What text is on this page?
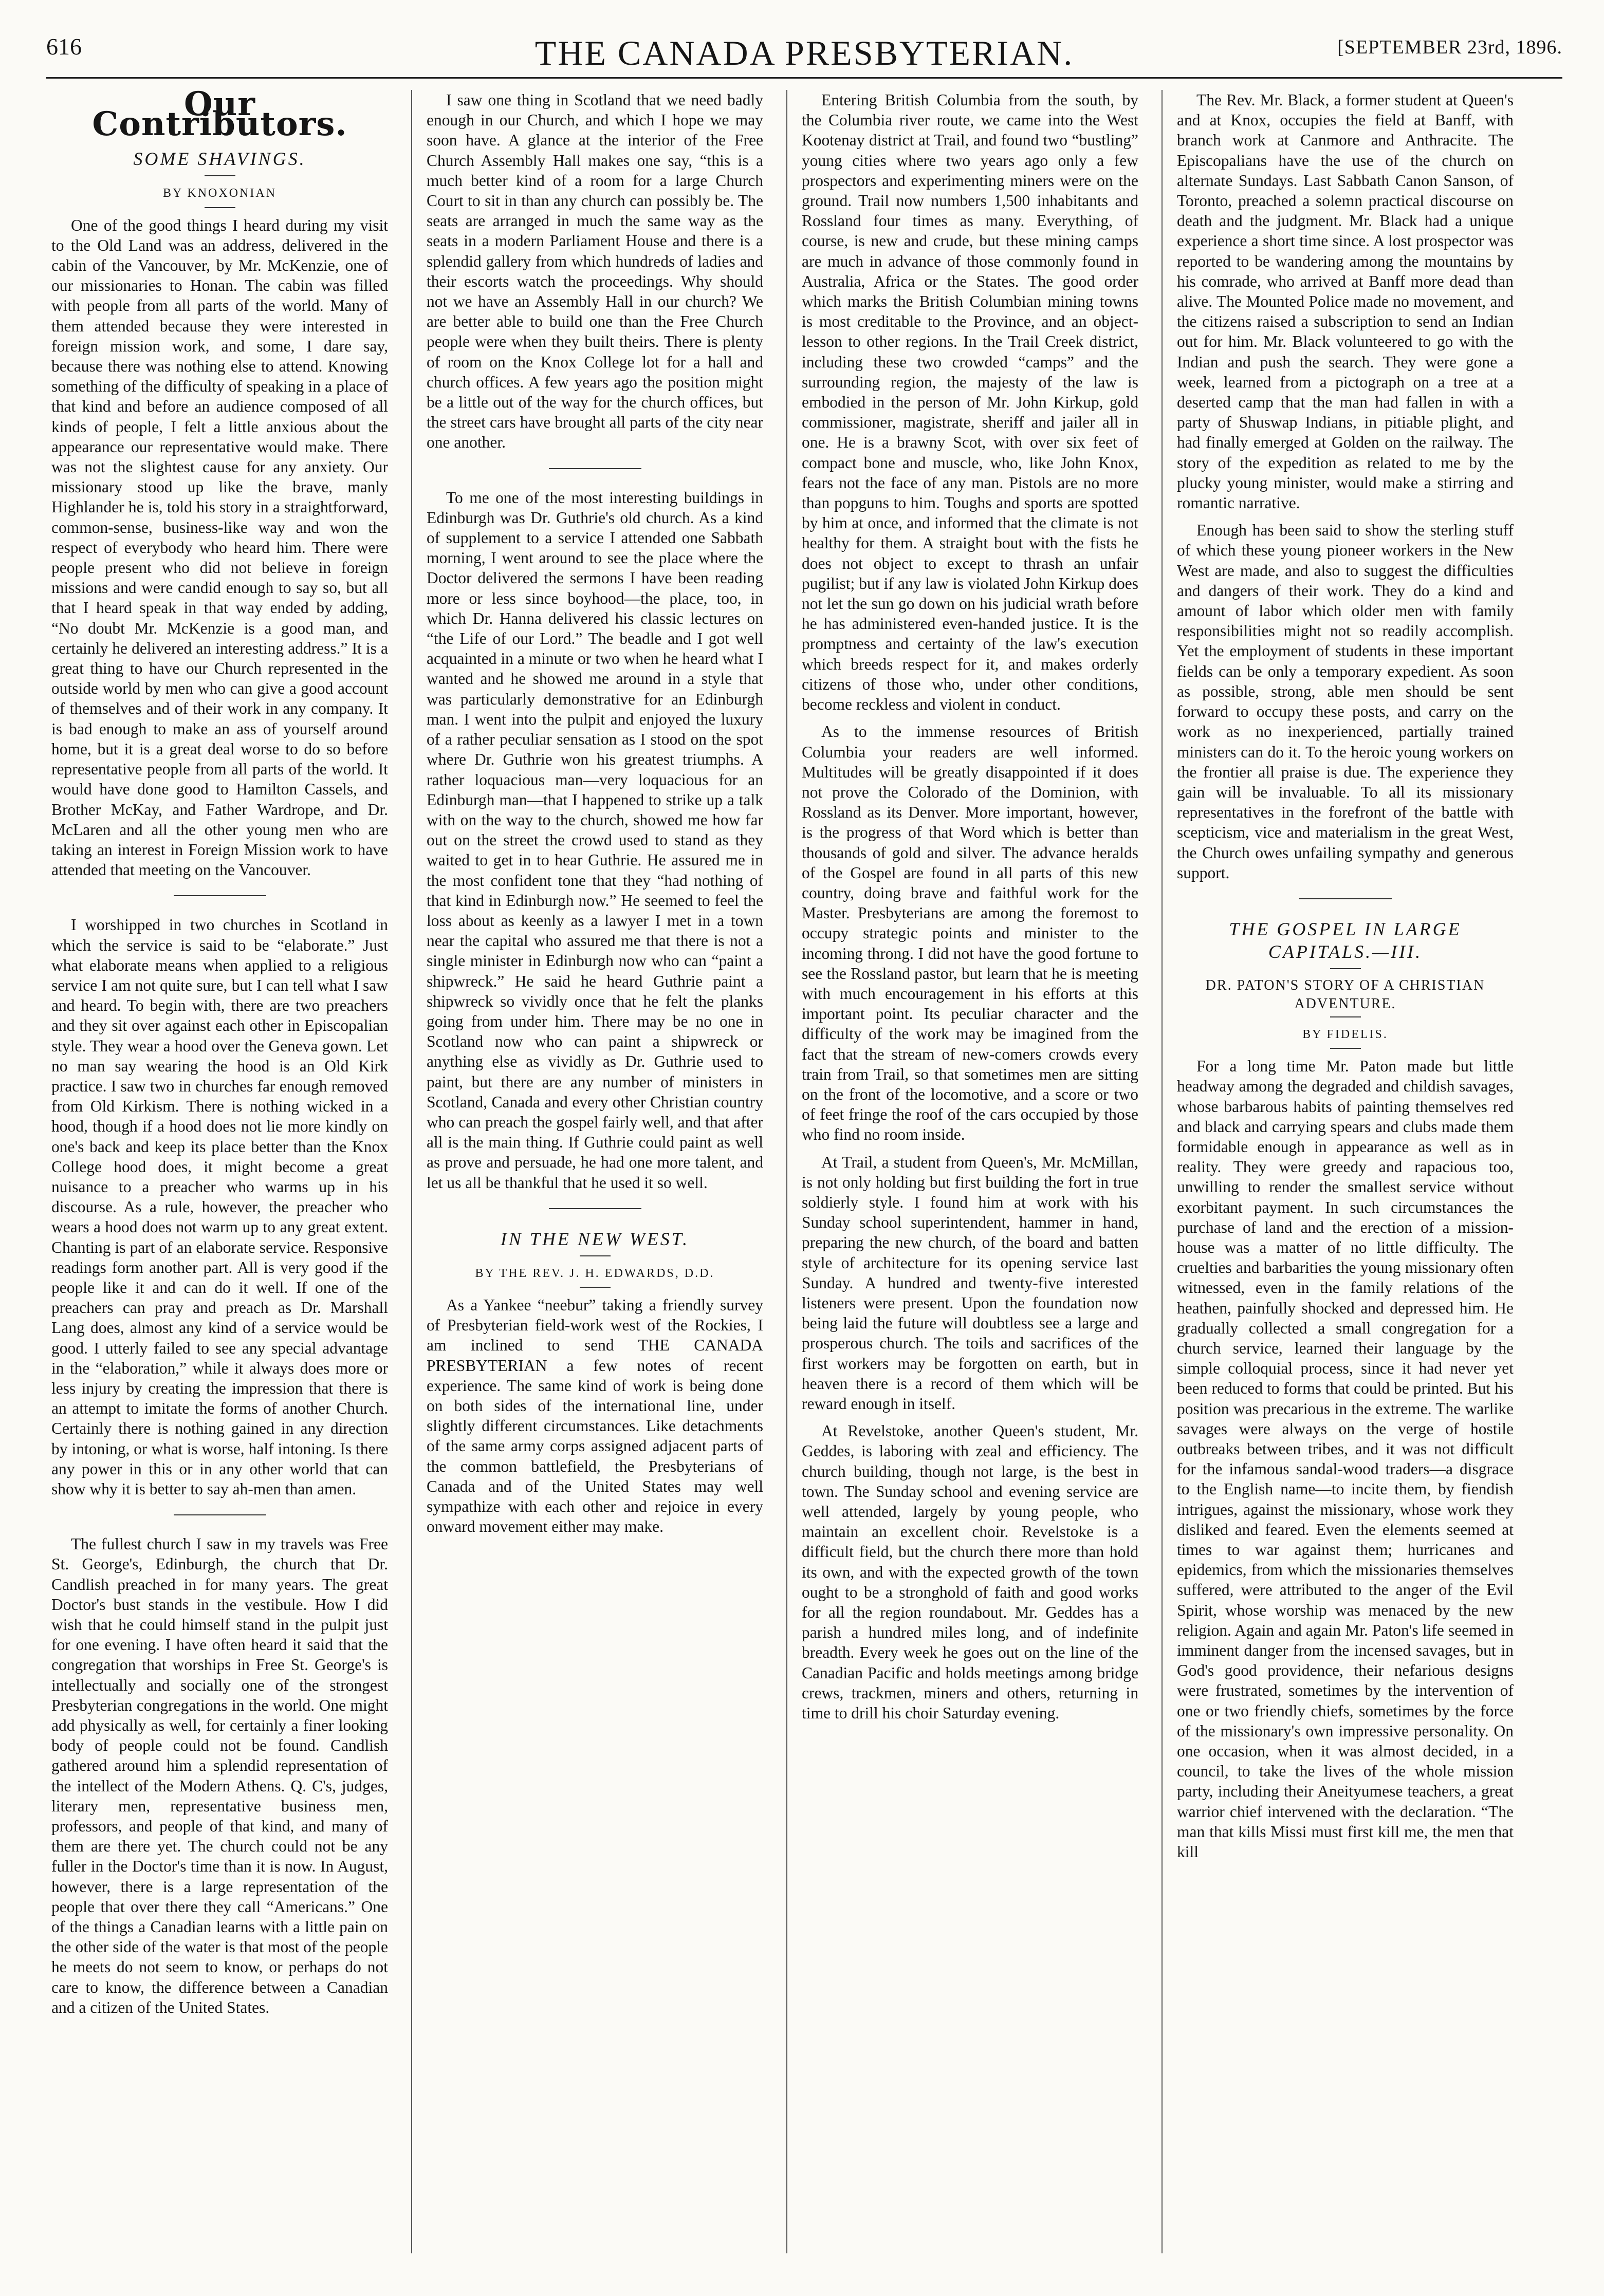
616	THE CANADA PRESBYTERIAN.	[SEPTEMBER 23rd, 1896.
Our Contributors.
SOME SHAVINGS.
BY KNOXONIAN

One of the good things I heard during my visit to the Old Land was an address, delivered in the cabin of the Vancouver, by Mr. McKenzie, one of our missionaries to Honan. The cabin was filled with people from all parts of the world. Many of them attended because they were interested in foreign mission work, and some, I dare say, because there was nothing else to attend. Knowing something of the difficulty of speaking in a place of that kind and before an audience composed of all kinds of people, I felt a little anxious about the appearance our representative would make. There was not the slightest cause for any anxiety. Our missionary stood up like the brave, manly Highlander he is, told his story in a straightforward, common-sense, business-like way and won the respect of everybody who heard him. There were people present who did not believe in foreign missions and were candid enough to say so, but all that I heard speak in that way ended by adding, “No doubt Mr. McKenzie is a good man, and certainly he delivered an interesting address.” It is a great thing to have our Church represented in the outside world by men who can give a good account of themselves and of their work in any company. It is bad enough to make an ass of yourself around home, but it is a great deal worse to do so before representative people from all parts of the world. It would have done good to Hamilton Cassels, and Brother McKay, and Father Wardrope, and Dr. McLaren and all the other young men who are taking an interest in Foreign Mission work to have attended that meeting on the Vancouver.

I worshipped in two churches in Scotland in which the service is said to be “elaborate.” Just what elaborate means when applied to a religious service I am not quite sure, but I can tell what I saw and heard. To begin with, there are two preachers and they sit over against each other in Episcopalian style. They wear a hood over the Geneva gown. Let no man say wearing the hood is an Old Kirk practice. I saw two in churches far enough removed from Old Kirkism. There is nothing wicked in a hood, though if a hood does not lie more kindly on one's back and keep its place better than the Knox College hood does, it might become a great nuisance to a preacher who warms up in his discourse. As a rule, however, the preacher who wears a hood does not warm up to any great extent. Chanting is part of an elaborate service. Responsive readings form another part. All is very good if the people like it and can do it well. If one of the preachers can pray and preach as Dr. Marshall Lang does, almost any kind of a service would be good. I utterly failed to see any special advantage in the “elaboration,” while it always does more or less injury by creating the impression that there is an attempt to imitate the forms of another Church. Certainly there is nothing gained in any direction by intoning, or what is worse, half intoning. Is there any power in this or in any other world that can show why it is better to say ah-men than amen.

The fullest church I saw in my travels was Free St. George's, Edinburgh, the church that Dr. Candlish preached in for many years. The great Doctor's bust stands in the vestibule. How I did wish that he could himself stand in the pulpit just for one evening. I have often heard it said that the congregation that worships in Free St. George's is intellectually and socially one of the strongest Presbyterian congregations in the world. One might add physically as well, for certainly a finer looking body of people could not be found. Candlish gathered around him a splendid representation of the intellect of the Modern Athens. Q. C's, judges, literary men, representative business men, professors, and people of that kind, and many of them are there yet. The church could not be any fuller in the Doctor's time than it is now. In August, however, there is a large representation of the people that over there they call “Americans.” One of the things a Canadian learns with a little pain on the other side of the water is that most of the people he meets do not seem to know, or perhaps do not care to know, the difference between a Canadian and a citizen of the United States.

I saw one thing in Scotland that we need badly enough in our Church, and which I hope we may soon have. A glance at the interior of the Free Church Assembly Hall makes one say, “this is a much better kind of a room for a large Church Court to sit in than any church can possibly be. The seats are arranged in much the same way as the seats in a modern Parliament House and there is a splendid gallery from which hundreds of ladies and their escorts watch the proceedings. Why should not we have an Assembly Hall in our church? We are better able to build one than the Free Church people were when they built theirs. There is plenty of room on the Knox College lot for a hall and church offices. A few years ago the position might be a little out of the way for the church offices, but the street cars have brought all parts of the city near one another.

To me one of the most interesting buildings in Edinburgh was Dr. Guthrie's old church. As a kind of supplement to a service I attended one Sabbath morning, I went around to see the place where the Doctor delivered the sermons I have been reading more or less since boyhood—the place, too, in which Dr. Hanna delivered his classic lectures on “the Life of our Lord.” The beadle and I got well acquainted in a minute or two when he heard what I wanted and he showed me around in a style that was particularly demonstrative for an Edinburgh man. I went into the pulpit and enjoyed the luxury of a rather peculiar sensation as I stood on the spot where Dr. Guthrie won his greatest triumphs. A rather loquacious man—very loquacious for an Edinburgh man—that I happened to strike up a talk with on the way to the church, showed me how far out on the street the crowd used to stand as they waited to get in to hear Guthrie. He assured me in the most confident tone that they “had nothing of that kind in Edinburgh now.” He seemed to feel the loss about as keenly as a lawyer I met in a town near the capital who assured me that there is not a single minister in Edinburgh now who can “paint a shipwreck.” He said he heard Guthrie paint a shipwreck so vividly once that he felt the planks going from under him. There may be no one in Scotland now who can paint a shipwreck or anything else as vividly as Dr. Guthrie used to paint, but there are any number of ministers in Scotland, Canada and every other Christian country who can preach the gospel fairly well, and that after all is the main thing. If Guthrie could paint as well as prove and persuade, he had one more talent, and let us all be thankful that he used it so well.

IN THE NEW WEST.
BY THE REV. J. H. EDWARDS, D.D.

As a Yankee “neebur” taking a friendly survey of Presbyterian field-work west of the Rockies, I am inclined to send THE CANADA PRESBYTERIAN a few notes of recent experience. The same kind of work is being done on both sides of the international line, under slightly different circumstances. Like detachments of the same army corps assigned adjacent parts of the common battlefield, the Presbyterians of Canada and of the United States may well sympathize with each other and rejoice in every onward movement either may make.

Entering British Columbia from the south, by the Columbia river route, we came into the West Kootenay district at Trail, and found two “bustling” young cities where two years ago only a few prospectors and experimenting miners were on the ground. Trail now numbers 1,500 inhabitants and Rossland four times as many. Everything, of course, is new and crude, but these mining camps are much in advance of those commonly found in Australia, Africa or the States. The good order which marks the British Columbian mining towns is most creditable to the Province, and an object-lesson to other regions. In the Trail Creek district, including these two crowded “camps” and the surrounding region, the majesty of the law is embodied in the person of Mr. John Kirkup, gold commissioner, magistrate, sheriff and jailer all in one. He is a brawny Scot, with over six feet of compact bone and muscle, who, like John Knox, fears not the face of any man. Pistols are no more than popguns to him. Toughs and sports are spotted by him at once, and informed that the climate is not healthy for them. A straight bout with the fists he does not object to except to thrash an unfair pugilist; but if any law is violated John Kirkup does not let the sun go down on his judicial wrath before he has administered even-handed justice. It is the promptness and certainty of the law's execution which breeds respect for it, and makes orderly citizens of those who, under other conditions, become reckless and violent in conduct.

As to the immense resources of British Columbia your readers are well informed. Multitudes will be greatly disappointed if it does not prove the Colorado of the Dominion, with Rossland as its Denver. More important, however, is the progress of that Word which is better than thousands of gold and silver. The advance heralds of the Gospel are found in all parts of this new country, doing brave and faithful work for the Master. Presbyterians are among the foremost to occupy strategic points and minister to the incoming throng. I did not have the good fortune to see the Rossland pastor, but learn that he is meeting with much encouragement in his efforts at this important point. Its peculiar character and the difficulty of the work may be imagined from the fact that the stream of new-comers crowds every train from Trail, so that sometimes men are sitting on the front of the locomotive, and a score or two of feet fringe the roof of the cars occupied by those who find no room inside.

At Trail, a student from Queen's, Mr. McMillan, is not only holding but first building the fort in true soldierly style. I found him at work with his Sunday school superintendent, hammer in hand, preparing the new church, of the board and batten style of architecture for its opening service last Sunday. A hundred and twenty-five interested listeners were present. Upon the foundation now being laid the future will doubtless see a large and prosperous church. The toils and sacrifices of the first workers may be forgotten on earth, but in heaven there is a record of them which will be reward enough in itself.

At Revelstoke, another Queen's student, Mr. Geddes, is laboring with zeal and efficiency. The church building, though not large, is the best in town. The Sunday school and evening service are well attended, largely by young people, who maintain an excellent choir. Revelstoke is a difficult field, but the church there more than hold its own, and with the expected growth of the town ought to be a stronghold of faith and good works for all the region roundabout. Mr. Geddes has a parish a hundred miles long, and of indefinite breadth. Every week he goes out on the line of the Canadian Pacific and holds meetings among bridge crews, trackmen, miners and others, returning in time to drill his choir Saturday evening.

The Rev. Mr. Black, a former student at Queen's and at Knox, occupies the field at Banff, with branch work at Canmore and Anthracite. The Episcopalians have the use of the church on alternate Sundays. Last Sabbath Canon Sanson, of Toronto, preached a solemn practical discourse on death and the judgment. Mr. Black had a unique experience a short time since. A lost prospector was reported to be wandering among the mountains by his comrade, who arrived at Banff more dead than alive. The Mounted Police made no movement, and the citizens raised a subscription to send an Indian out for him. Mr. Black volunteered to go with the Indian and push the search. They were gone a week, learned from a pictograph on a tree at a deserted camp that the man had fallen in with a party of Shuswap Indians, in pitiable plight, and had finally emerged at Golden on the railway. The story of the expedition as related to me by the plucky young minister, would make a stirring and romantic narrative.

Enough has been said to show the sterling stuff of which these young pioneer workers in the New West are made, and also to suggest the difficulties and dangers of their work. They do a kind and amount of labor which older men with family responsibilities might not so readily accomplish. Yet the employment of students in these important fields can be only a temporary expedient. As soon as possible, strong, able men should be sent forward to occupy these posts, and carry on the work as no inexperienced, partially trained ministers can do it. To the heroic young workers on the frontier all praise is due. The experience they gain will be invaluable. To all its missionary representatives in the forefront of the battle with scepticism, vice and materialism in the great West, the Church owes unfailing sympathy and generous support.

THE GOSPEL IN LARGE CAPITALS.—III.
DR. PATON'S STORY OF A CHRISTIAN ADVENTURE.
BY FIDELIS.

For a long time Mr. Paton made but little headway among the degraded and childish savages, whose barbarous habits of painting themselves red and black and carrying spears and clubs made them formidable enough in appearance as well as in reality. They were greedy and rapacious too, unwilling to render the smallest service without exorbitant payment. In such circumstances the purchase of land and the erection of a mission-house was a matter of no little difficulty. The cruelties and barbarities the young missionary often witnessed, even in the family relations of the heathen, painfully shocked and depressed him. He gradually collected a small congregation for a church service, learned their language by the simple colloquial process, since it had never yet been reduced to forms that could be printed. But his position was precarious in the extreme. The warlike savages were always on the verge of hostile outbreaks between tribes, and it was not difficult for the infamous sandal-wood traders—a disgrace to the English name—to incite them, by fiendish intrigues, against the missionary, whose work they disliked and feared. Even the elements seemed at times to war against them; hurricanes and epidemics, from which the missionaries themselves suffered, were attributed to the anger of the Evil Spirit, whose worship was menaced by the new religion. Again and again Mr. Paton's life seemed in imminent danger from the incensed savages, but in God's good providence, their nefarious designs were frustrated, sometimes by the intervention of one or two friendly chiefs, sometimes by the force of the missionary's own impressive personality. On one occasion, when it was almost decided, in a council, to take the lives of the whole mission party, including their Aneityumese teachers, a great warrior chief intervened with the declaration. “The man that kills Missi must first kill me, the men that kill
